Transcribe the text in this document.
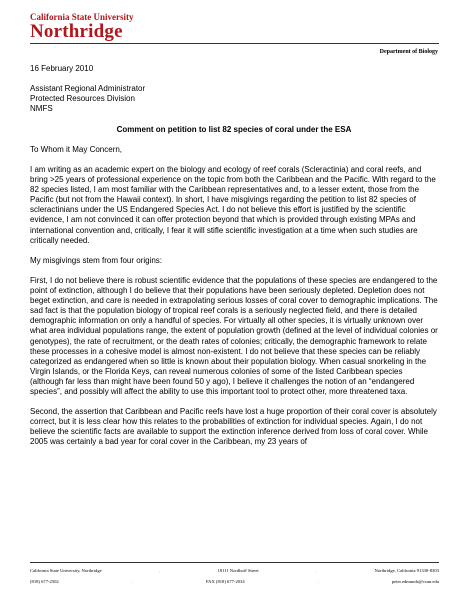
California State University
Northridge
Department of Biology

16 February 2010

Assistant Regional Administrator

Protected Resources Division

NMFS

Comment on petition to list 82 species of coral under the ESA

To Whom it May Concern,

I am writing as an academic expert on the biology and ecology of reef corals (Scleractinia) and coral reefs, and bring >25 years of professional experience on the topic from both the Caribbean and the Pacific. With regard to the 82 species listed, I am most familiar with the Caribbean representatives and, to a lesser extent, those from the Pacific (but not from the Hawaii context). In short, I have misgivings regarding the petition to list 82 species of scleractinians under the US Endangered Species Act. I do not believe this effort is justified by the scientific evidence, I am not convinced it can offer protection beyond that which is provided through existing MPAs and international convention and, critically, I fear it will stifle scientific investigation at a time when such studies are critically needed.

My misgivings stem from four origins:

First, I do not believe there is robust scientific evidence that the populations of these species are endangered to the point of extinction, although I do believe that their populations have been seriously depleted. Depletion does not beget extinction, and care is needed in extrapolating serious losses of coral cover to demographic implications. The sad fact is that the population biology of tropical reef corals is a seriously neglected field, and there is detailed demographic information on only a handful of species. For virtually all other species, it is virtually unknown over what area individual populations range, the extent of population growth (defined at the level of individual colonies or genotypes), the rate of recruitment, or the death rates of colonies; critically, the demographic framework to relate these processes in a cohesive model is almost non-existent. I do not believe that these species can be reliably categorized as endangered when so little is known about their population biology. When casual snorkeling in the Virgin Islands, or the Florida Keys, can reveal numerous colonies of some of the listed Caribbean species (although far less than might have been found 50 y ago), I believe it challenges the notion of an “endangered species”, and possibly will affect the ability to use this important tool to protect other, more threatened taxa.

Second, the assertion that Caribbean and Pacific reefs have lost a huge proportion of their coral cover is absolutely correct, but it is less clear how this relates to the probabilities of extinction for individual species. Again, I do not believe the scientific facts are available to support the extinction inference derived from loss of coral cover. While 2005 was certainly a bad year for coral cover in the Caribbean, my 23 years of

California State University, Northridge	.	18111 Nordhoff Street	.	Northridge, California 91330-8303
(818) 677-2502	.	FAX (818) 677-2034	.	peter.edmunds@csun.edu
